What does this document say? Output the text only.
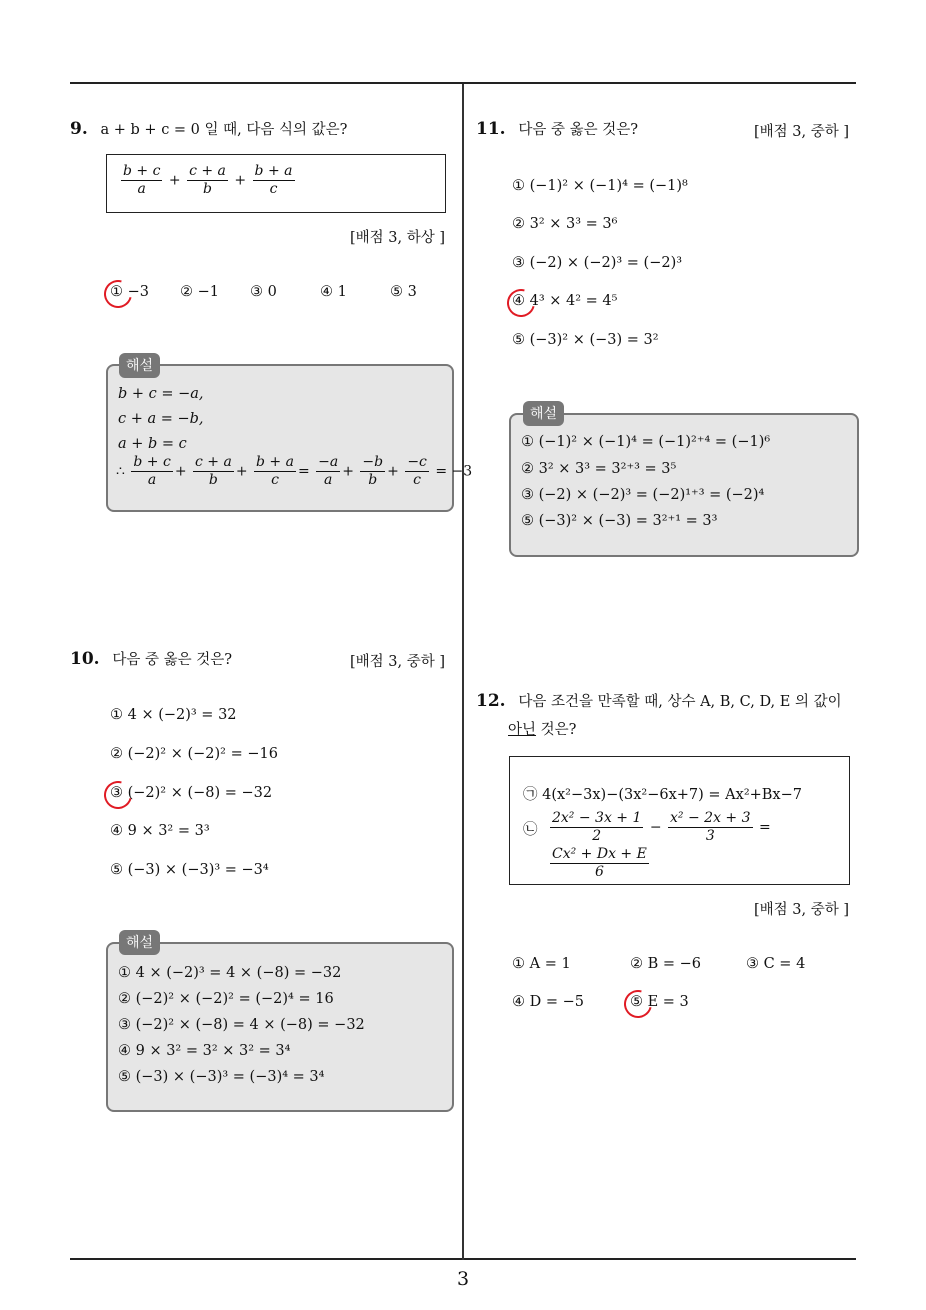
9. a + b + c = 0 일 때, 다음 식의 값은?
$\frac{b + c}{a} + \frac{c + a}{b} + \frac{b + a}{c}$
[배점 3, 하상 ]
① −3 ② −1 ③ 0	④ 1	⑤ 3
해설
b + c = −a,
c + a = −b,
a + b = c
∴ $\frac{b + c}{a} + \frac{c + a}{b} + \frac{b + a}{c} = \frac{-a}{a} + \frac{-b}{b} + \frac{-c}{c} = -3$
10. 다음 중 옳은 것은?	[배점 3, 중하 ]
① 4 × (−2)³ = 32
② (−2)² × (−2)² = −16
③ (−2)² × (−8) = −32
④ 9 × 3² = 3³
⑤ (−3) × (−3)³ = −3⁴
해설
① 4 × (−2)³ = 4 × (−8) = −32
② (−2)² × (−2)² = (−2)⁴ = 16
③ (−2)² × (−8) = 4 × (−8) = −32
④ 9 × 3² = 3² × 3² = 3⁴
⑤ (−3) × (−3)³ = (−3)⁴ = 3⁴
11. 다음 중 옳은 것은?	[배점 3, 중하 ]
① (−1)² × (−1)⁴ = (−1)⁸
② 3² × 3³ = 3⁶
③ (−2) × (−2)³ = (−2)³
④ 4³ × 4² = 4⁵
⑤ (−3)² × (−3) = 3²
해설
① (−1)² × (−1)⁴ = (−1)²⁺⁴ = (−1)⁶
② 3² × 3³ = 3²⁺³ = 3⁵
③ (−2) × (−2)³ = (−2)¹⁺³ = (−2)⁴
⑤ (−3)² × (−3) = 3²⁺¹ = 3³
12. 다음 조건을 만족할 때, 상수 A, B, C, D, E 의 값이
아닌 것은?
㉠ 4(x²−3x)−(3x²−6x+7) = Ax²+Bx−7
㉡ $\frac{\text{2x² − 3x + 1}}{2} - \frac{\text{x² − 2x + 3}}{3}$ =
$\frac{\text{Cx² + Dx + E}}{6}$
[배점 3, 중하 ]
① A = 1	② B = −6	③ C = 4
④ D = −5	⑤ E = 3
3
